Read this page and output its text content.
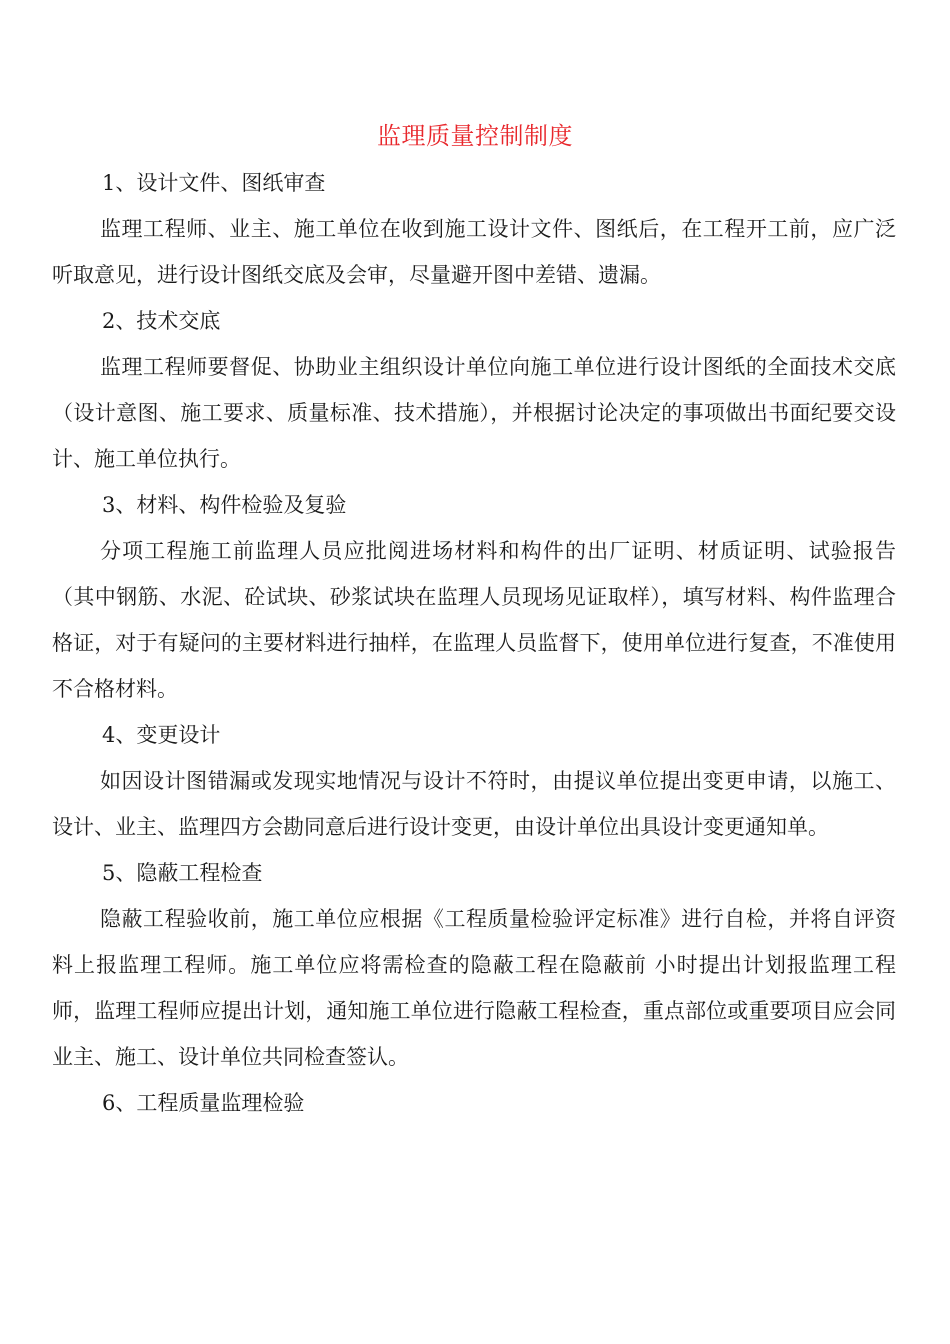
监理质量控制制度

1、设计文件、图纸审查

监理工程师、业主、施工单位在收到施工设计文件、图纸后，在工程开工前，应广泛听取意见，进行设计图纸交底及会审，尽量避开图中差错、遗漏。

2、技术交底

监理工程师要督促、协助业主组织设计单位向施工单位进行设计图纸的全面技术交底（设计意图、施工要求、质量标准、技术措施），并根据讨论决定的事项做出书面纪要交设计、施工单位执行。

3、材料、构件检验及复验

分项工程施工前监理人员应批阅进场材料和构件的出厂证明、材质证明、试验报告（其中钢筋、水泥、砼试块、砂浆试块在监理人员现场见证取样），填写材料、构件监理合格证，对于有疑问的主要材料进行抽样，在监理人员监督下，使用单位进行复查，不准使用不合格材料。

4、变更设计

如因设计图错漏或发现实地情况与设计不符时，由提议单位提出变更申请，以施工、设计、业主、监理四方会勘同意后进行设计变更，由设计单位出具设计变更通知单。

5、隐蔽工程检查

隐蔽工程验收前，施工单位应根据《工程质量检验评定标准》进行自检，并将自评资料上报监理工程师。施工单位应将需检查的隐蔽工程在隐蔽前 小时提出计划报监理工程师，监理工程师应提出计划，通知施工单位进行隐蔽工程检查，重点部位或重要项目应会同业主、施工、设计单位共同检查签认。

6、工程质量监理检验
